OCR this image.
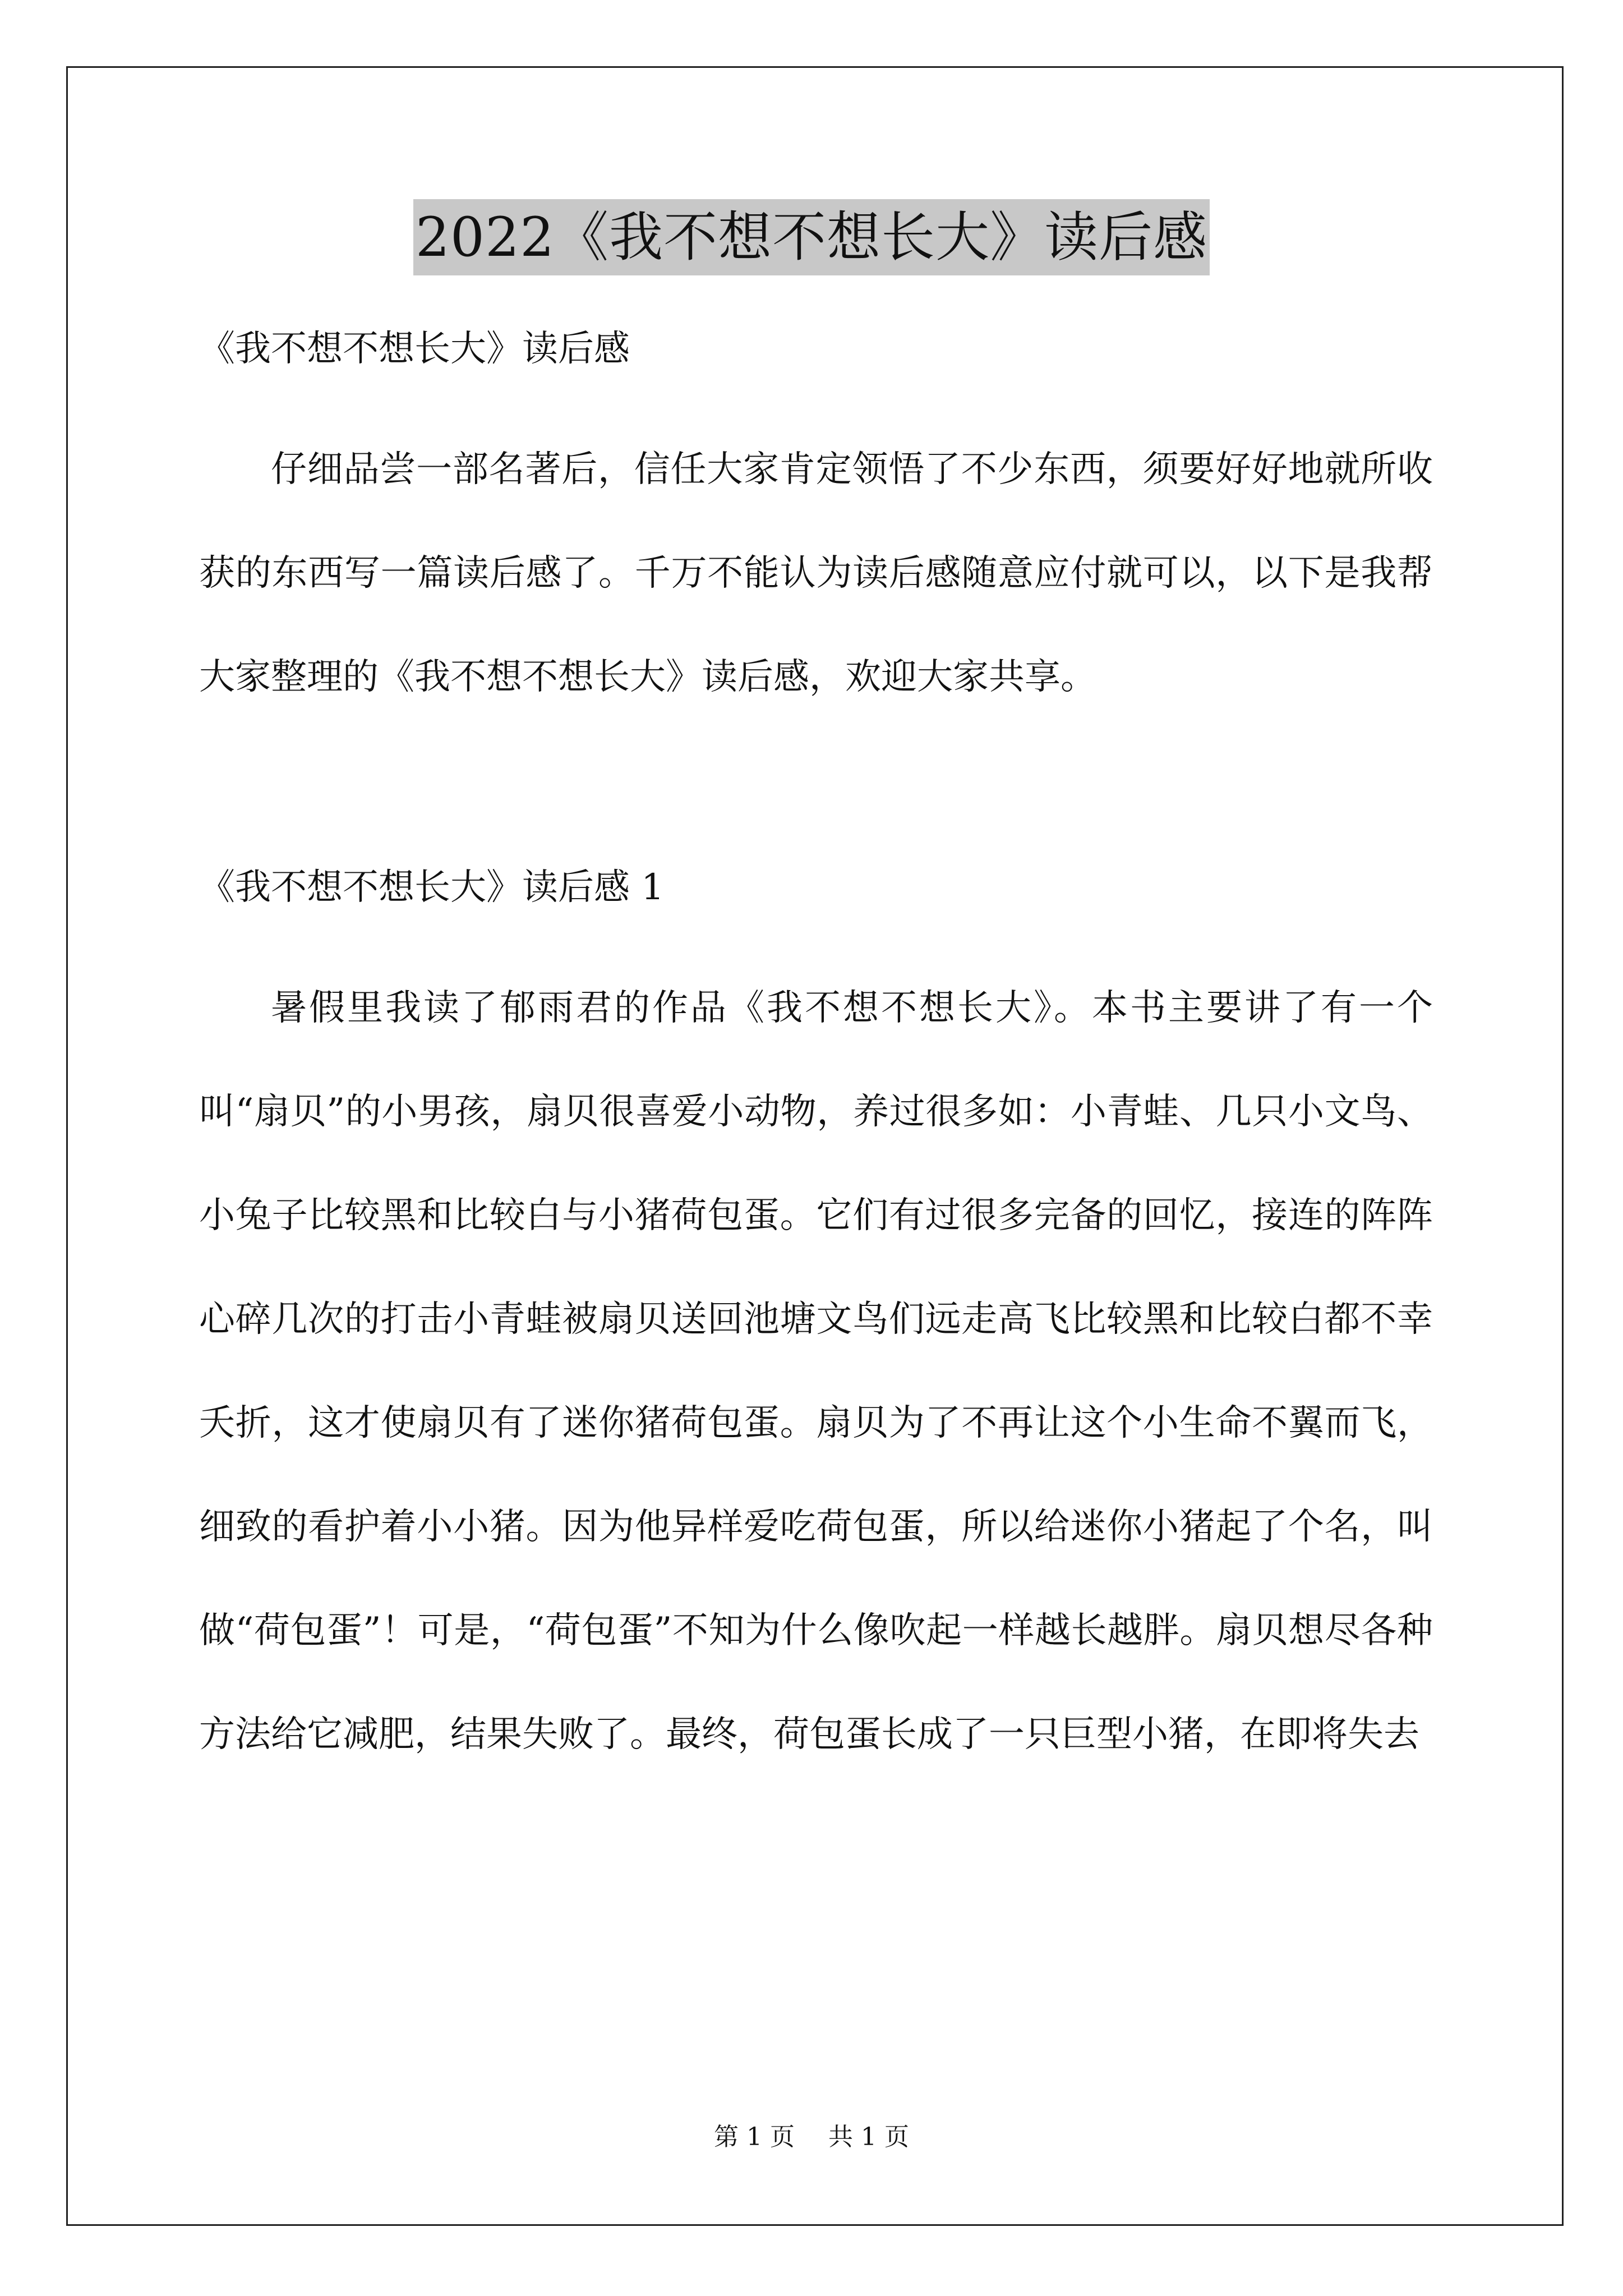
2022《我不想不想长大》读后感

《我不想不想长大》读后感

仔细品尝一部名著后，信任大家肯定领悟了不少东西，须要好好地就所收获的东西写一篇读后感了。千万不能认为读后感随意应付就可以，以下是我帮大家整理的《我不想不想长大》读后感，欢迎大家共享。

《我不想不想长大》读后感 1

暑假里我读了郁雨君的作品《我不想不想长大》。本书主要讲了有一个叫“扇贝”的小男孩，扇贝很喜爱小动物，养过很多如：小青蛙、几只小文鸟、小兔子比较黑和比较白与小猪荷包蛋。它们有过很多完备的回忆，接连的阵阵心碎几次的打击小青蛙被扇贝送回池塘文鸟们远走高飞比较黑和比较白都不幸夭折，这才使扇贝有了迷你猪荷包蛋。扇贝为了不再让这个小生命不翼而飞，细致的看护着小小猪。因为他异样爱吃荷包蛋，所以给迷你小猪起了个名，叫做“荷包蛋”！可是，“荷包蛋”不知为什么像吹起一样越长越胖。扇贝想尽各种方法给它减肥，结果失败了。最终，荷包蛋长成了一只巨型小猪，在即将失去

第 1 页 共 1 页
